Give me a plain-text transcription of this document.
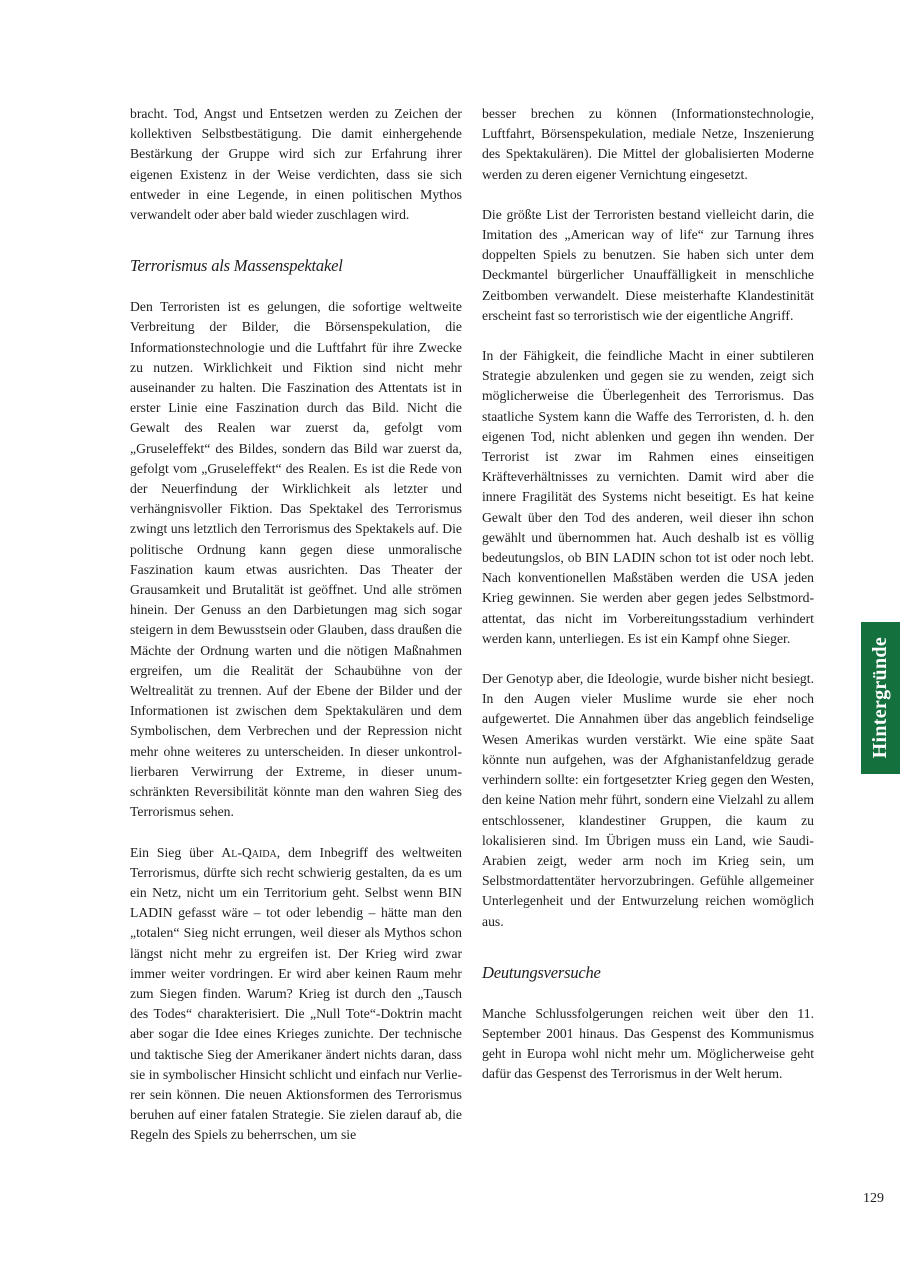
bracht. Tod, Angst und Entsetzen werden zu Zeichen der kollektiven Selbstbestätigung. Die damit einhergehende Bestärkung der Gruppe wird sich zur Erfahrung ihrer eigenen Existenz in der Weise verdichten, dass sie sich entweder in eine Legende, in einen politischen Mythos verwandelt oder aber bald wieder zuschlagen wird.

Terrorismus als Massenspektakel

Den Terroristen ist es gelungen, die sofortige weltweite Verbreitung der Bilder, die Börsenspekulation, die Informationstechnologie und die Luftfahrt für ihre Zwecke zu nutzen. Wirklichkeit und Fiktion sind nicht mehr auseinander zu halten. Die Faszination des Attentats ist in erster Linie eine Faszination durch das Bild. Nicht die Gewalt des Realen war zuerst da, gefolgt vom „Gruseleffekt“ des Bildes, sondern das Bild war zuerst da, gefolgt vom „Gruseleffekt“ des Realen. Es ist die Rede von der Neuerfindung der Wirklichkeit als letzter und verhängnisvoller Fiktion. Das Spektakel des Terrorismus zwingt uns letztlich den Terrorismus des Spektakels auf. Die politische Ordnung kann gegen diese unmoralische Faszination kaum etwas ausrichten. Das Theater der Grausamkeit und Brutalität ist geöffnet. Und alle strömen hinein. Der Genuss an den Darbietungen mag sich sogar steigern in dem Bewusstsein oder Glauben, dass draußen die Mächte der Ordnung warten und die nötigen Maßnahmen ergreifen, um die Realität der Schaubühne von der Weltrealität zu trennen. Auf der Ebene der Bilder und der Informationen ist zwischen dem Spektakulären und dem Symbolischen, dem Verbrechen und der Repression nicht mehr ohne weiteres zu unterscheiden. In dieser unkontrollierbaren Verwirrung der Extreme, in dieser unumschränkten Reversibilität könnte man den wahren Sieg des Terrorismus sehen.

Ein Sieg über Al-Qaida, dem Inbegriff des weltweiten Terrorismus, dürfte sich recht schwierig gestalten, da es um ein Netz, nicht um ein Territorium geht. Selbst wenn BIN LADIN gefasst wäre – tot oder lebendig – hätte man den „totalen“ Sieg nicht errungen, weil dieser als Mythos schon längst nicht mehr zu ergreifen ist. Der Krieg wird zwar immer weiter vordringen. Er wird aber keinen Raum mehr zum Siegen finden. Warum? Krieg ist durch den „Tausch des Todes“ charakterisiert. Die „Null Tote“-Doktrin macht aber sogar die Idee eines Krieges zunichte. Der technische und taktische Sieg der Amerikaner ändert nichts daran, dass sie in symbolischer Hinsicht schlicht und einfach nur Verlierer sein können. Die neuen Aktionsformen des Terrorismus beruhen auf einer fatalen Strategie. Sie zielen darauf ab, die Regeln des Spiels zu beherrschen, um sie

besser brechen zu können (Informationstechnologie, Luftfahrt, Börsenspekulation, mediale Netze, Inszenierung des Spektakulären). Die Mittel der globalisierten Moderne werden zu deren eigener Vernichtung eingesetzt.

Die größte List der Terroristen bestand vielleicht darin, die Imitation des „American way of life“ zur Tarnung ihres doppelten Spiels zu benutzen. Sie haben sich unter dem Deckmantel bürgerlicher Unauffälligkeit in menschliche Zeitbomben verwandelt. Diese meisterhafte Klandestinität erscheint fast so terroristisch wie der eigentliche Angriff.

In der Fähigkeit, die feindliche Macht in einer subtileren Strategie abzulenken und gegen sie zu wenden, zeigt sich möglicherweise die Überlegenheit des Terrorismus. Das staatliche System kann die Waffe des Terroristen, d. h. den eigenen Tod, nicht ablenken und gegen ihn wenden. Der Terrorist ist zwar im Rahmen eines einseitigen Kräfteverhältnisses zu vernichten. Damit wird aber die innere Fragilität des Systems nicht beseitigt. Es hat keine Gewalt über den Tod des anderen, weil dieser ihn schon gewählt und übernommen hat. Auch deshalb ist es völlig bedeutungslos, ob BIN LADIN schon tot ist oder noch lebt. Nach konventionellen Maßstäben werden die USA jeden Krieg gewinnen. Sie werden aber gegen jedes Selbstmordattentat, das nicht im Vorbereitungsstadium verhindert werden kann, unterliegen. Es ist ein Kampf ohne Sieger.

Der Genotyp aber, die Ideologie, wurde bisher nicht besiegt. In den Augen vieler Muslime wurde sie eher noch aufgewertet. Die Annahmen über das angeblich feindselige Wesen Amerikas wurden verstärkt. Wie eine späte Saat könnte nun aufgehen, was der Afghanistanfeldzug gerade verhindern sollte: ein fortgesetzter Krieg gegen den Westen, den keine Nation mehr führt, sondern eine Vielzahl zu allem entschlossener, klandestiner Gruppen, die kaum zu lokalisieren sind. Im Übrigen muss ein Land, wie Saudi-Arabien zeigt, weder arm noch im Krieg sein, um Selbstmordattentäter hervorzubringen. Gefühle allgemeiner Unterlegenheit und der Entwurzelung reichen womöglich aus.

Deutungsversuche

Manche Schlussfolgerungen reichen weit über den 11. September 2001 hinaus. Das Gespenst des Kommunismus geht in Europa wohl nicht mehr um. Möglicherweise geht dafür das Gespenst des Terrorismus in der Welt herum.

Hintergründe
129
